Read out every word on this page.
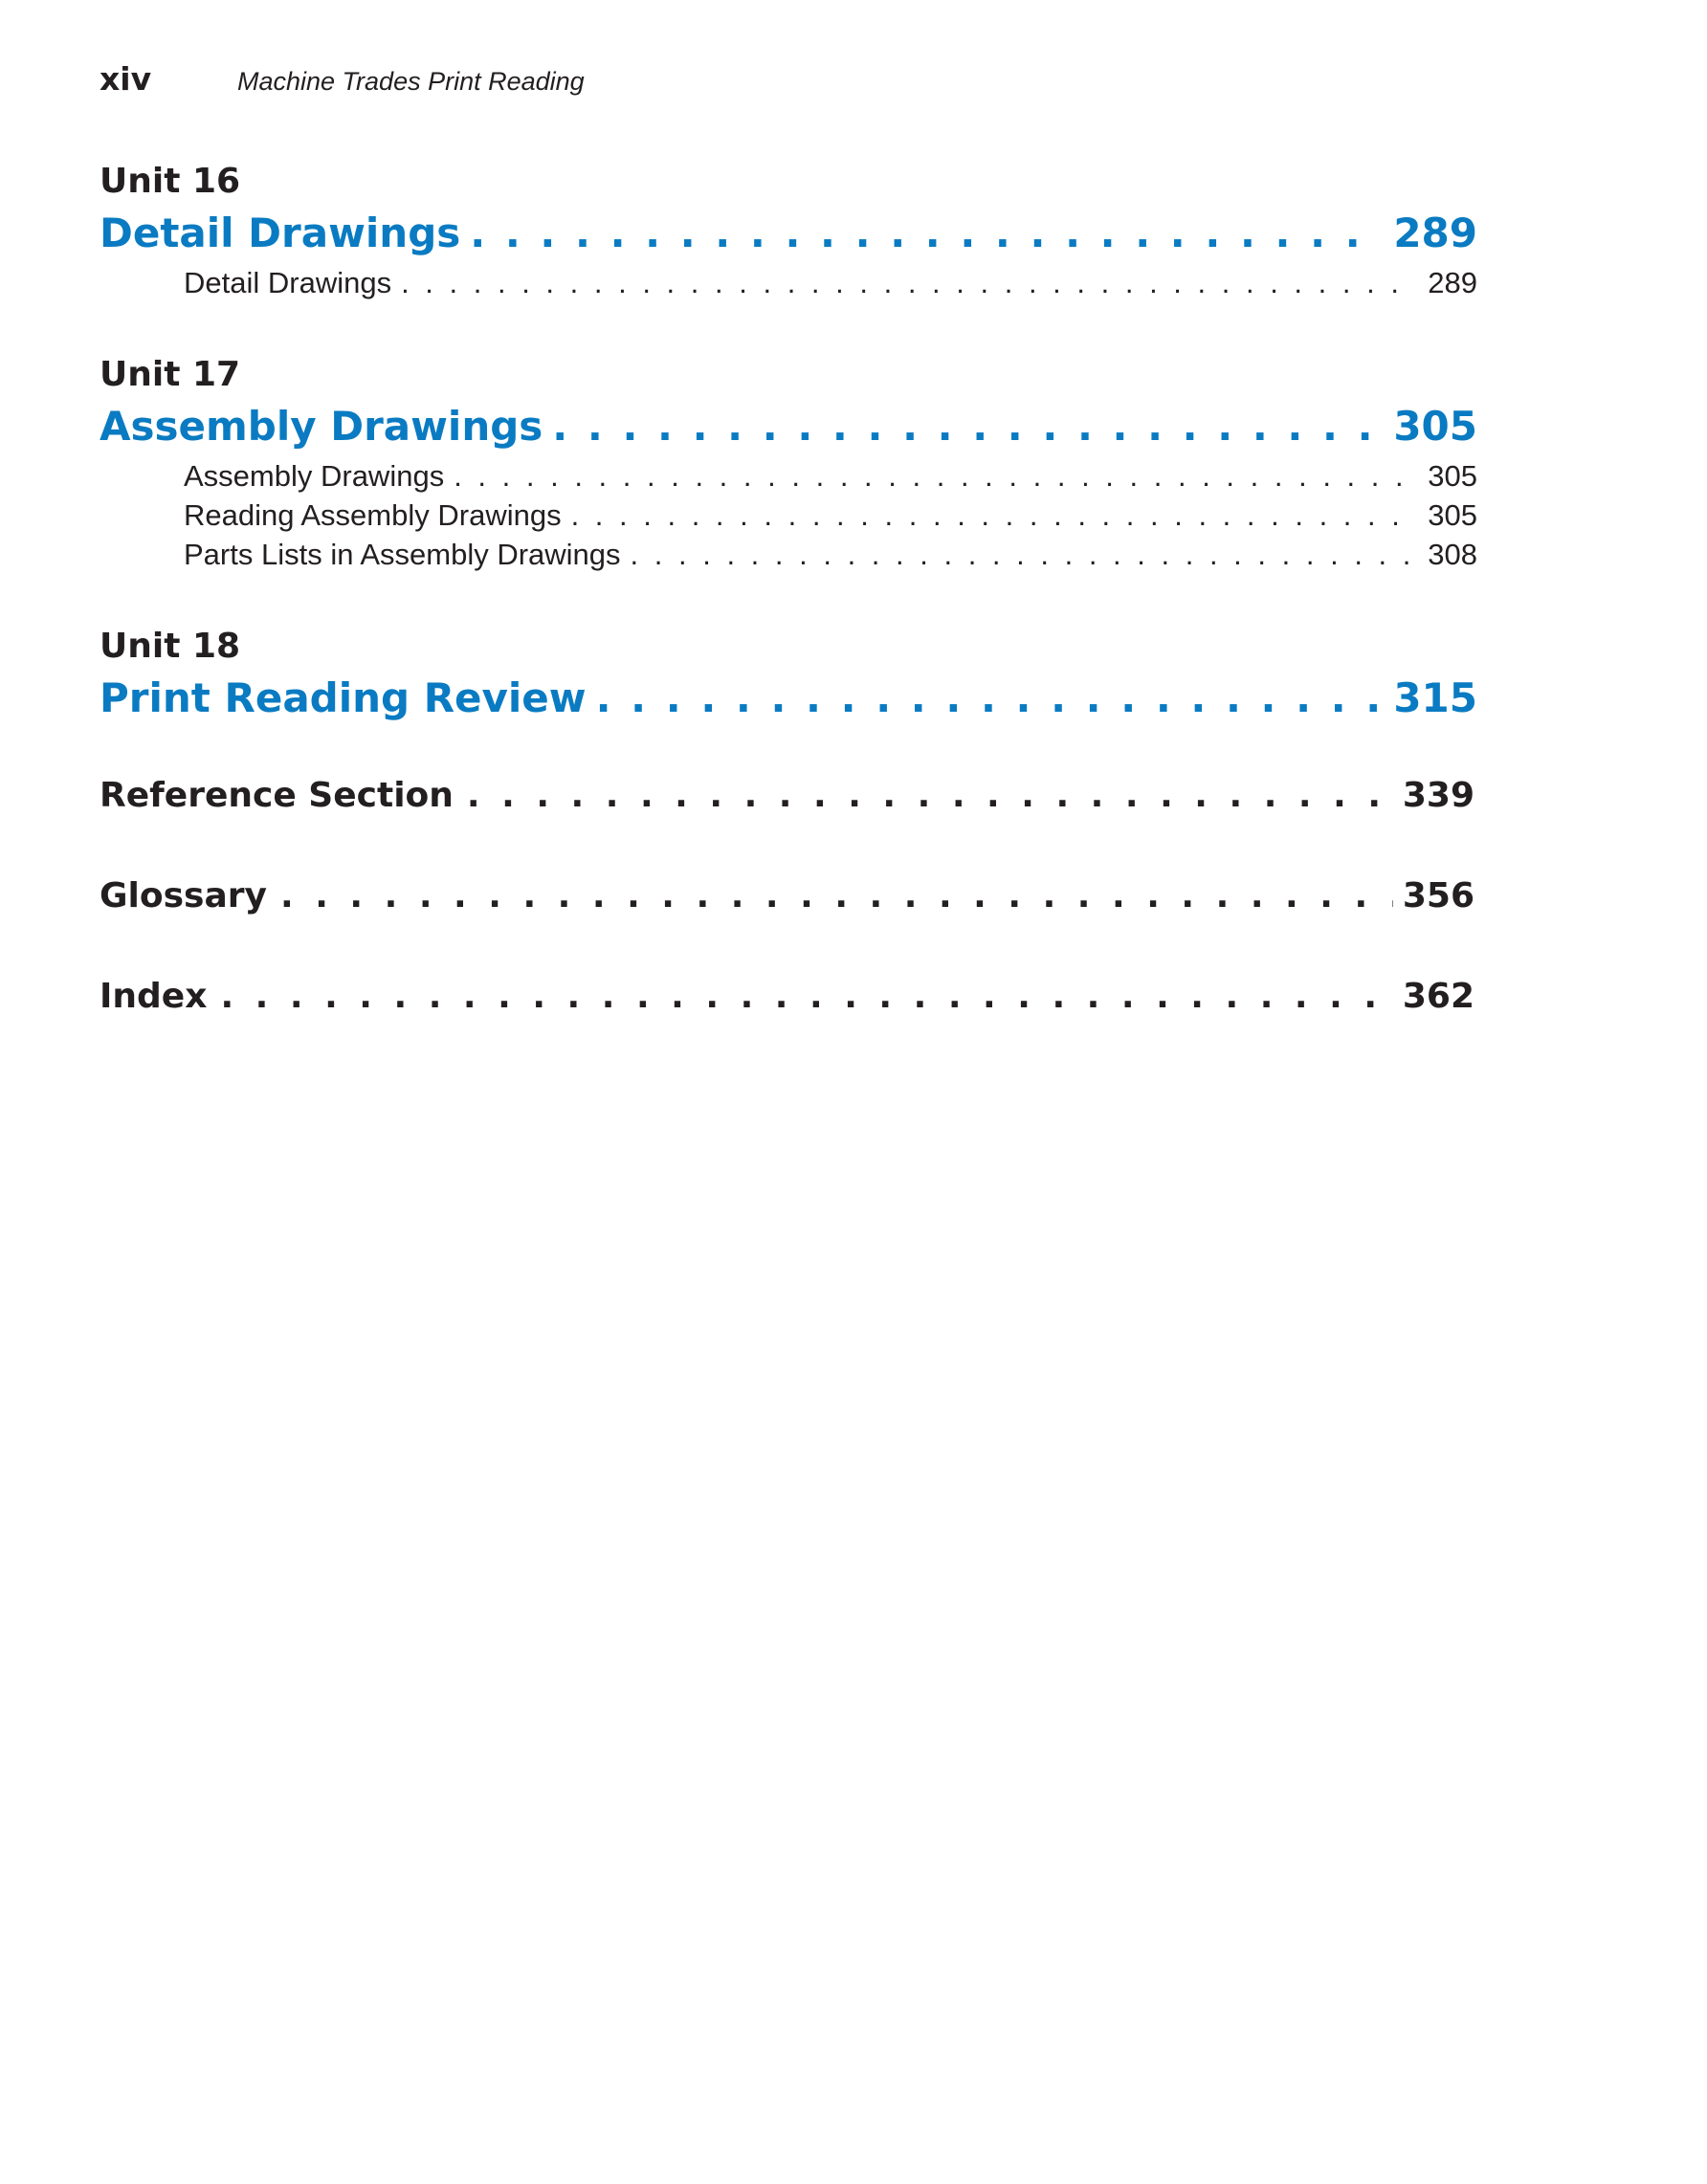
xiv	Machine Trades Print Reading
Unit 16
Detail Drawings . . .	289
Detail Drawings . . .	289
Unit 17
Assembly Drawings . . .	305
Assembly Drawings . . .	305
Reading Assembly Drawings . . .	305
Parts Lists in Assembly Drawings . . .	308
Unit 18
Print Reading Review . . .	315
Reference Section . . .	339
Glossary . . .	356
Index . . .	362
